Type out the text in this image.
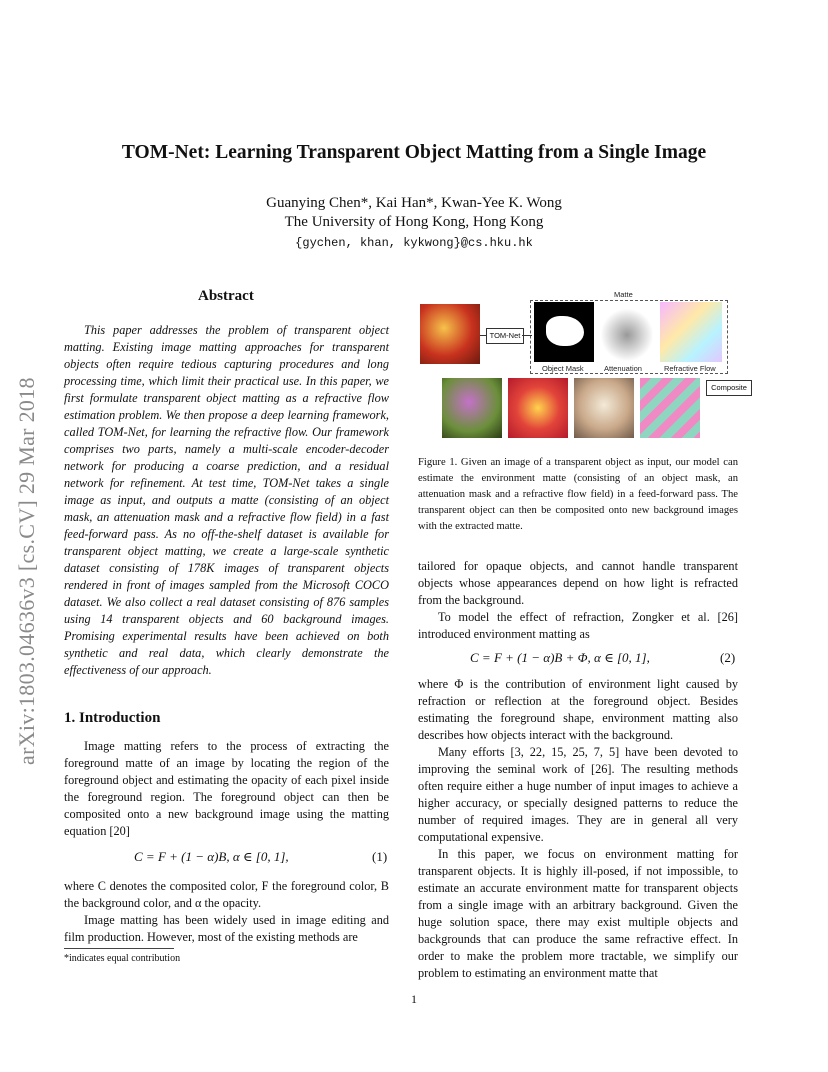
arXiv:1803.04636v3 [cs.CV] 29 Mar 2018
TOM-Net: Learning Transparent Object Matting from a Single Image
Guanying Chen*, Kai Han*, Kwan-Yee K. Wong
The University of Hong Kong, Hong Kong
{gychen, khan, kykwong}@cs.hku.hk
Abstract

This paper addresses the problem of transparent object matting. Existing image matting approaches for transparent objects often require tedious capturing procedures and long processing time, which limit their practical use. In this paper, we first formulate transparent object matting as a refractive flow estimation problem. We then propose a deep learning framework, called TOM-Net, for learning the refractive flow. Our framework comprises two parts, namely a multi-scale encoder-decoder network for producing a coarse prediction, and a residual network for refinement. At test time, TOM-Net takes a single image as input, and outputs a matte (consisting of an object mask, an attenuation mask and a refractive flow field) in a fast feed-forward pass. As no off-the-shelf dataset is available for transparent object matting, we create a large-scale synthetic dataset consisting of 178K images of transparent objects rendered in front of images sampled from the Microsoft COCO dataset. We also collect a real dataset consisting of 876 samples using 14 transparent objects and 60 background images. Promising experimental results have been achieved on both synthetic and real data, which clearly demonstrate the effectiveness of our approach.

1. Introduction

Image matting refers to the process of extracting the foreground matte of an image by locating the region of the foreground object and estimating the opacity of each pixel inside the foreground region. The foreground object can then be composited onto a new background image using the matting equation [20]

C = F + (1 − α)B, α ∈ [0, 1],	(1)

where C denotes the composited color, F the foreground color, B the background color, and α the opacity.

Image matting has been widely used in image editing and film production. However, most of the existing methods are

*indicates equal contribution
Matte
TOM-Net
Object Mask	Attenuation	Refractive Flow
Composite
Figure 1. Given an image of a transparent object as input, our model can estimate the environment matte (consisting of an object mask, an attenuation mask and a refractive flow field) in a feed-forward pass. The transparent object can then be composited onto new background images with the extracted matte.

tailored for opaque objects, and cannot handle transparent objects whose appearances depend on how light is refracted from the background.

To model the effect of refraction, Zongker et al. [26] introduced environment matting as

C = F + (1 − α)B + Φ, α ∈ [0, 1],	(2)

where Φ is the contribution of environment light caused by refraction or reflection at the foreground object. Besides estimating the foreground shape, environment matting also describes how objects interact with the background.

Many efforts [3, 22, 15, 25, 7, 5] have been devoted to improving the seminal work of [26]. The resulting methods often require either a huge number of input images to achieve a higher accuracy, or specially designed patterns to reduce the number of required images. They are in general all very computational expensive.

In this paper, we focus on environment matting for transparent objects. It is highly ill-posed, if not impossible, to estimate an accurate environment matte for transparent objects from a single image with an arbitrary background. Given the huge solution space, there may exist multiple objects and backgrounds that can produce the same refractive effect. In order to make the problem more tractable, we simplify our problem to estimating an environment matte that

1
